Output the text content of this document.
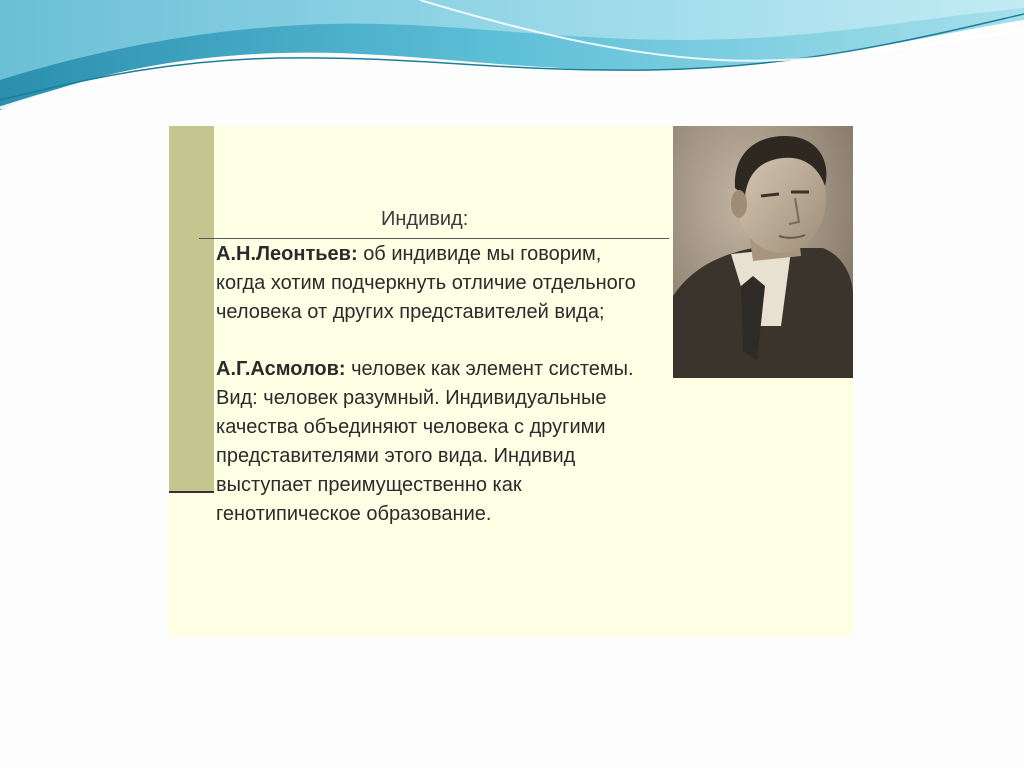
Индивид:

А.Н.Леонтьев: об индивиде мы говорим, когда хотим подчеркнуть отличие отдельного человека от других представителей вида;

А.Г.Асмолов: человек как элемент системы. Вид: человек разумный. Индивидуальные качества объединяют человека с другими представителями этого вида. Индивид выступает преимущественно как генотипическое образование.
